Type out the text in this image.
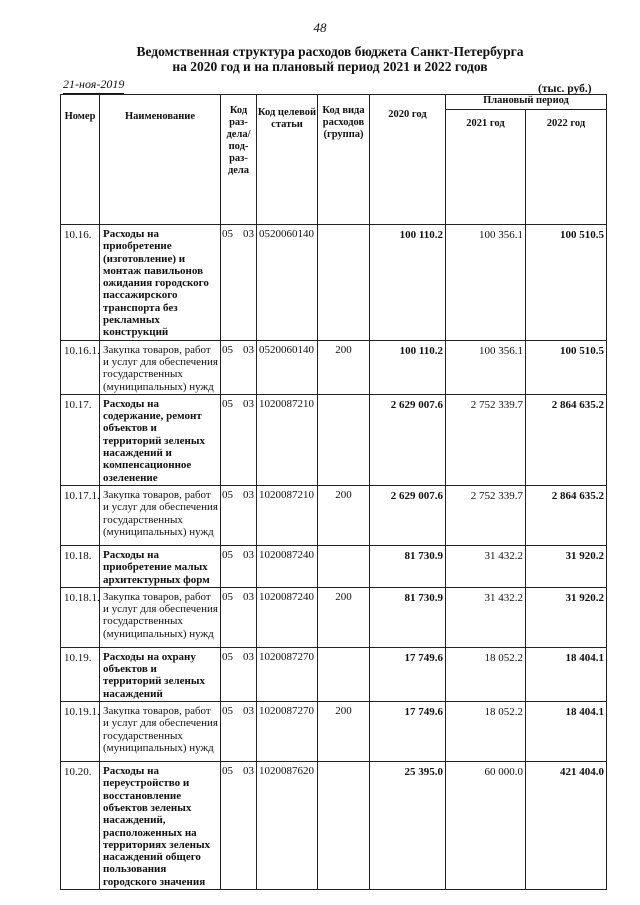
48
Ведомственная структура расходов бюджета Санкт-Петербурга
на 2020 год и на плановый период 2021 и 2022 годов
21-ноя-2019	(тыс. руб.)
Номер	Наименование	Код раз- дела/ под- раз- дела	Код целевой статьи	Код вида расходов (группа)	2020 год	Плановый период	
						2021 год	2022 год
10.16.	Расходы на приобретение (изготовление) и монтаж павильонов ожидания городского пассажирского транспорта без рекламных конструкций	05 03	0520060140		100 110.2	100 356.1	100 510.5
10.16.1.	Закупка товаров, работ и услуг для обеспечения государственных (муниципальных) нужд	05 03	0520060140	200	100 110.2	100 356.1	100 510.5
10.17.	Расходы на содержание, ремонт объектов и территорий зеленых насаждений и компенсационное озеленение	05 03	1020087210		2 629 007.6	2 752 339.7	2 864 635.2
10.17.1.	Закупка товаров, работ и услуг для обеспечения государственных (муниципальных) нужд	05 03	1020087210	200	2 629 007.6	2 752 339.7	2 864 635.2
10.18.	Расходы на приобретение малых архитектурных форм	05 03	1020087240		81 730.9	31 432.2	31 920.2
10.18.1.	Закупка товаров, работ и услуг для обеспечения государственных (муниципальных) нужд	05 03	1020087240	200	81 730.9	31 432.2	31 920.2
10.19.	Расходы на охрану объектов и территорий зеленых насаждений	05 03	1020087270		17 749.6	18 052.2	18 404.1
10.19.1.	Закупка товаров, работ и услуг для обеспечения государственных (муниципальных) нужд	05 03	1020087270	200	17 749.6	18 052.2	18 404.1
10.20.	Расходы на переустройство и восстановление объектов зеленых насаждений, расположенных на территориях зеленых насаждений общего пользования городского значения	05 03	1020087620		25 395.0	60 000.0	421 404.0
